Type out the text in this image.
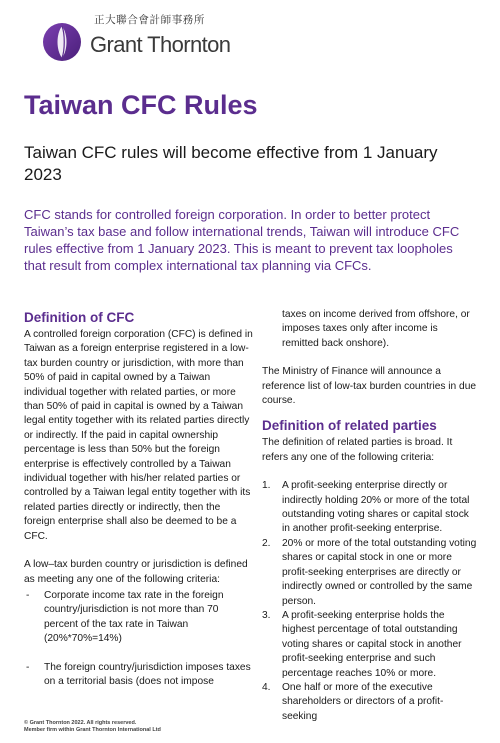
正大聯合會計師事務所
Grant Thornton
Taiwan CFC Rules
Taiwan CFC rules will become effective from 1 January 2023
CFC stands for controlled foreign corporation. In order to better protect Taiwan’s tax base and follow international trends, Taiwan will introduce CFC rules effective from 1 January 2023. This is meant to prevent tax loopholes that result from complex international tax planning via CFCs.
Definition of CFC

A controlled foreign corporation (CFC) is defined in Taiwan as a foreign enterprise registered in a low-tax burden country or jurisdiction, with more than 50% of paid in capital owned by a Taiwan individual together with related parties, or more than 50% of paid in capital is owned by a Taiwan legal entity together with its related parties directly or indirectly. If the paid in capital ownership percentage is less than 50% but the foreign enterprise is effectively controlled by a Taiwan individual together with his/her related parties or controlled by a Taiwan legal entity together with its related parties directly or indirectly, then the foreign enterprise shall also be deemed to be a CFC.

A low–tax burden country or jurisdiction is defined as meeting any one of the following criteria:

- Corporate income tax rate in the foreign country/jurisdiction is not more than 70 percent of the tax rate in Taiwan (20%*70%=14%)
- The foreign country/jurisdiction imposes taxes on a territorial basis (does not impose

taxes on income derived from offshore, or imposes taxes only after income is remitted back onshore).

The Ministry of Finance will announce a reference list of low-tax burden countries in due course.

Definition of related parties

The definition of related parties is broad. It refers any one of the following criteria:

1. A profit-seeking enterprise directly or indirectly holding 20% or more of the total outstanding voting shares or capital stock in another profit-seeking enterprise.
2. 20% or more of the total outstanding voting shares or capital stock in one or more profit-seeking enterprises are directly or indirectly owned or controlled by the same person.
3. A profit-seeking enterprise holds the highest percentage of total outstanding voting shares or capital stock in another profit-seeking enterprise and such percentage reaches 10% or more.
4. One half or more of the executive shareholders or directors of a profit-seeking
© Grant Thornton 2022. All rights reserved.
Member firm within Grant Thornton International Ltd
